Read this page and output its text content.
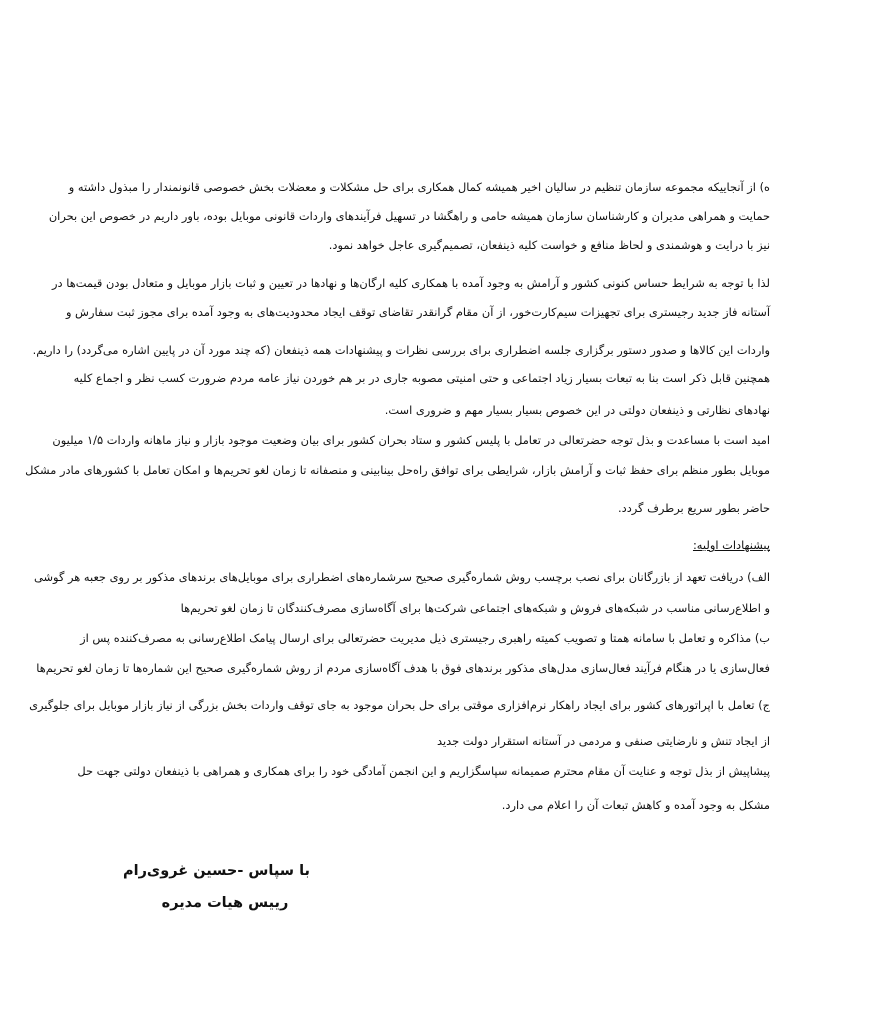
ه) از آنجاییکه مجموعه سازمان تنظیم در سالیان اخیر همیشه کمال همکاری برای حل مشکلات و معضلات بخش خصوصی قانونمندار را مبذول داشته و
حمایت و همراهی مدیران و کارشناسان سازمان همیشه حامی و راهگشا در تسهیل فرآیندهای واردات قانونی موبایل بوده، باور داریم در خصوص این بحران
نیز با درایت و هوشمندی و لحاظ منافع و خواست کلیه ذینفعان، تصمیم‌گیری عاجل خواهد نمود.
لذا با توجه به شرایط حساس کنونی کشور و آرامش به وجود آمده با همکاری کلیه ارگان‌ها و نهادها در تعیین و ثبات بازار موبایل و متعادل بودن قیمت‌ها در
آستانه فاز جدید رجیستری برای تجهیزات سیم‌کارت‌خور، از آن مقام گرانقدر تقاضای توقف ایجاد محدودیت‌های به وجود آمده برای مجوز ثبت سفارش و
واردات این کالاها و صدور دستور برگزاری جلسه اضطراری برای بررسی نظرات و پیشنهادات همه ذینفعان (که چند مورد آن در پایین اشاره می‌گردد) را داریم.
همچنین قابل ذکر است بنا به تبعات بسیار زیاد اجتماعی و حتی امنیتی مصوبه جاری در بر هم خوردن نیاز عامه مردم ضرورت کسب نظر و اجماع کلیه
نهادهای نظارتی و ذینفعان دولتی در این خصوص بسیار بسیار مهم و ضروری است.
امید است با مساعدت و بذل توجه حضرتعالی در تعامل با پلیس کشور و ستاد بحران کشور برای بیان وضعیت موجود بازار و نیاز ماهانه واردات ۱/۵ میلیون
موبایل بطور منظم برای حفظ ثبات و آرامش بازار، شرایطی برای توافق راه‌حل بینابینی و منصفانه تا زمان لغو تحریم‌ها و امکان تعامل با کشورهای مادر مشکل
حاضر بطور سریع برطرف گردد.
پیشنهادات اولیه:
الف) دریافت تعهد از بازرگانان برای نصب برچسب روش شماره‌گیری صحیح سرشماره‌های اضطراری برای موبایل‌های برندهای مذکور بر روی جعبه هر گوشی
و اطلاع‌رسانی مناسب در شبکه‌های فروش و شبکه‌های اجتماعی شرکت‌ها برای آگاه‌سازی مصرف‌کنندگان تا زمان لغو تحریم‌ها
ب) مذاکره و تعامل با سامانه همتا و تصویب کمیته راهبری رجیستری ذیل مدیریت حضرتعالی برای ارسال پیامک اطلاع‌رسانی به مصرف‌کننده پس از
فعال‌سازی یا در هنگام فرآیند فعال‌سازی مدل‌های مذکور برندهای فوق با هدف آگاه‌سازی مردم از روش شماره‌گیری صحیح این شماره‌ها تا زمان لغو تحریم‌ها
ج) تعامل با اپراتورهای کشور برای ایجاد راهکار نرم‌افزاری موقتی برای حل بحران موجود به جای توقف واردات بخش بزرگی از نیاز بازار موبایل برای جلوگیری
از ایجاد تنش و نارضایتی صنفی و مردمی در آستانه استقرار دولت جدید
پیشاپیش از بذل توجه و عنایت آن مقام محترم صمیمانه سپاسگزاریم و این انجمن آمادگی خود را برای همکاری و همراهی با ذینفعان دولتی جهت حل
مشکل به وجود آمده و کاهش تبعات آن را اعلام می دارد.
با سپاس -حسین غروی‌رام
رییس هیات مدیره
